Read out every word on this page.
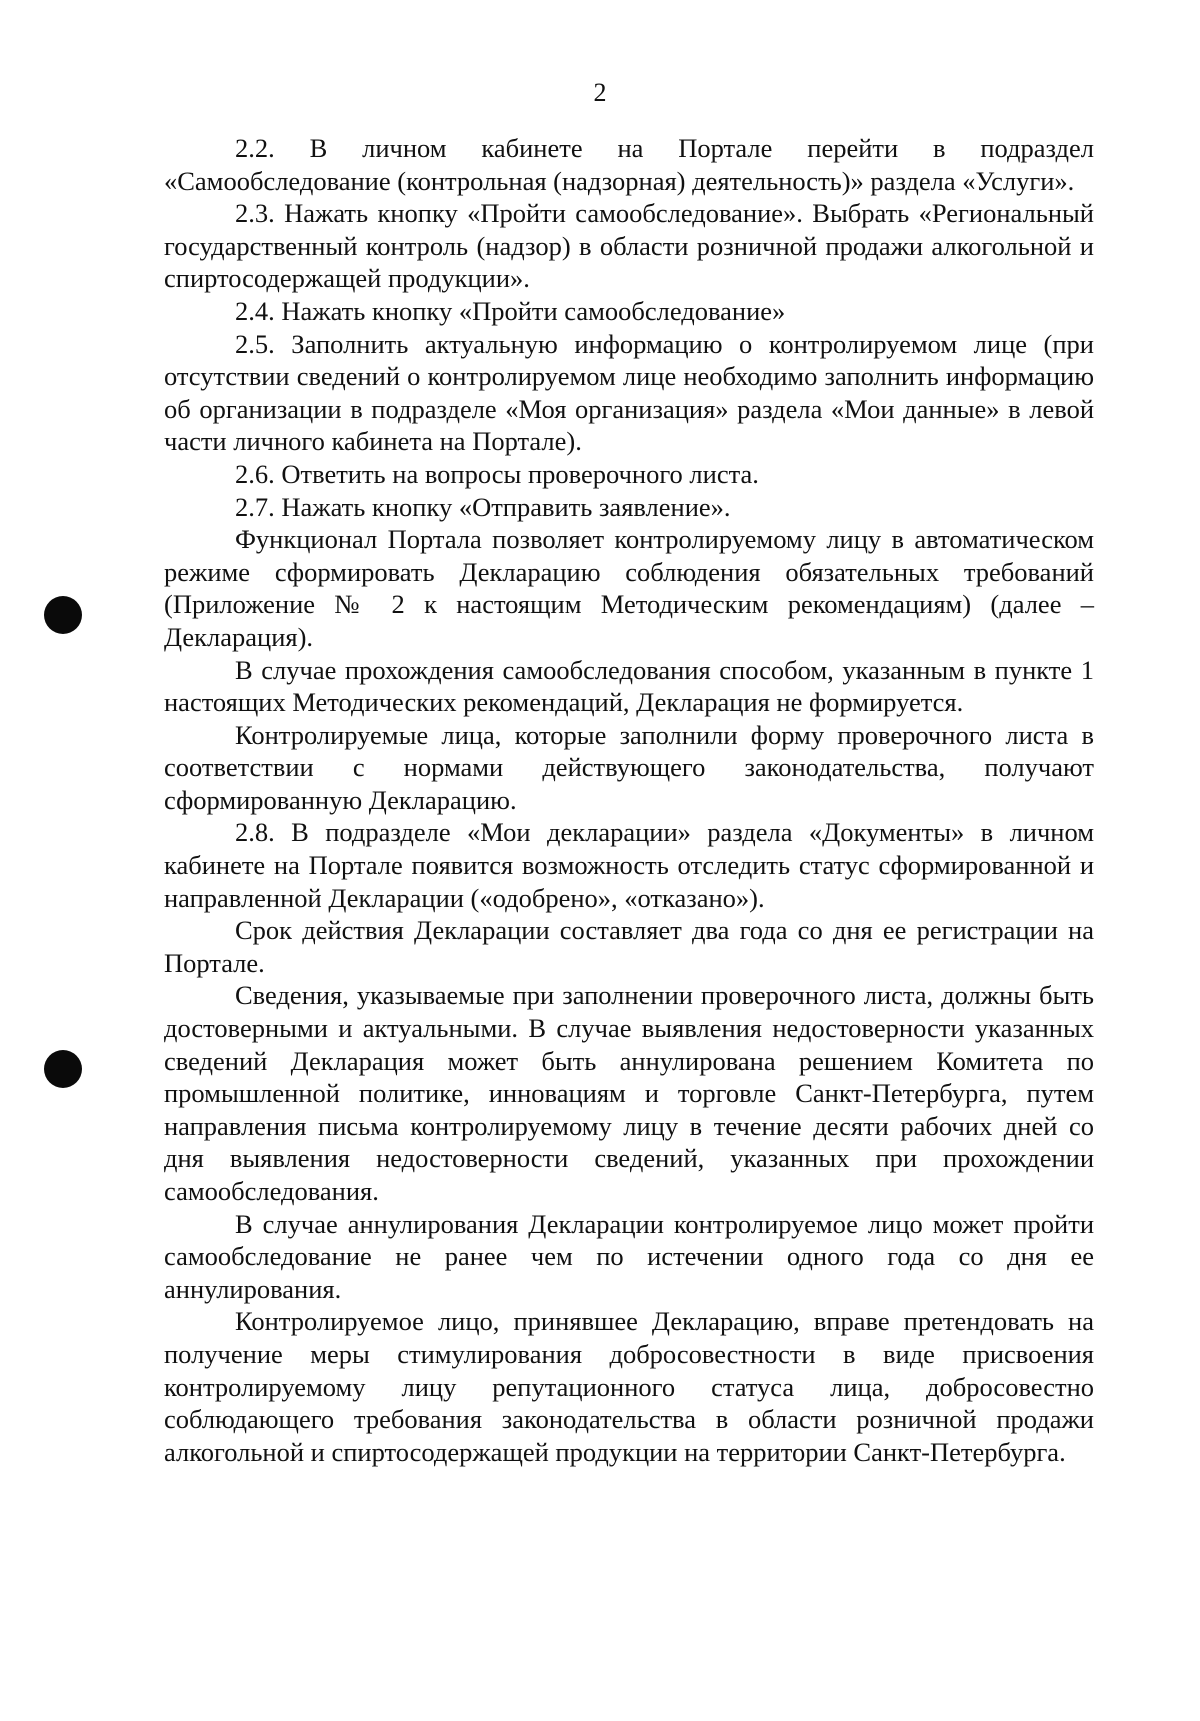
2

2.2. В личном кабинете на Портале перейти в подраздел «Самообследование (контрольная (надзорная) деятельность)» раздела «Услуги».

2.3. Нажать кнопку «Пройти самообследование». Выбрать «Региональный государственный контроль (надзор) в области розничной продажи алкогольной и спиртосодержащей продукции».

2.4. Нажать кнопку «Пройти самообследование»

2.5. Заполнить актуальную информацию о контролируемом лице (при отсутствии сведений о контролируемом лице необходимо заполнить информацию об организации в подразделе «Моя организация» раздела «Мои данные» в левой части личного кабинета на Портале).

2.6. Ответить на вопросы проверочного листа.

2.7. Нажать кнопку «Отправить заявление».

Функционал Портала позволяет контролируемому лицу в автоматическом режиме сформировать Декларацию соблюдения обязательных требований (Приложение № 2 к настоящим Методическим рекомендациям) (далее – Декларация).

В случае прохождения самообследования способом, указанным в пункте 1 настоящих Методических рекомендаций, Декларация не формируется.

Контролируемые лица, которые заполнили форму проверочного листа в соответствии с нормами действующего законодательства, получают сформированную Декларацию.

2.8. В подразделе «Мои декларации» раздела «Документы» в личном кабинете на Портале появится возможность отследить статус сформированной и направленной Декларации («одобрено», «отказано»).

Срок действия Декларации составляет два года со дня ее регистрации на Портале.

Сведения, указываемые при заполнении проверочного листа, должны быть достоверными и актуальными. В случае выявления недостоверности указанных сведений Декларация может быть аннулирована решением Комитета по промышленной политике, инновациям и торговле Санкт-Петербурга, путем направления письма контролируемому лицу в течение десяти рабочих дней со дня выявления недостоверности сведений, указанных при прохождении самообследования.

В случае аннулирования Декларации контролируемое лицо может пройти самообследование не ранее чем по истечении одного года со дня ее аннулирования.

Контролируемое лицо, принявшее Декларацию, вправе претендовать на получение меры стимулирования добросовестности в виде присвоения контролируемому лицу репутационного статуса лица, добросовестно соблюдающего требования законодательства в области розничной продажи алкогольной и спиртосодержащей продукции на территории Санкт-Петербурга.
